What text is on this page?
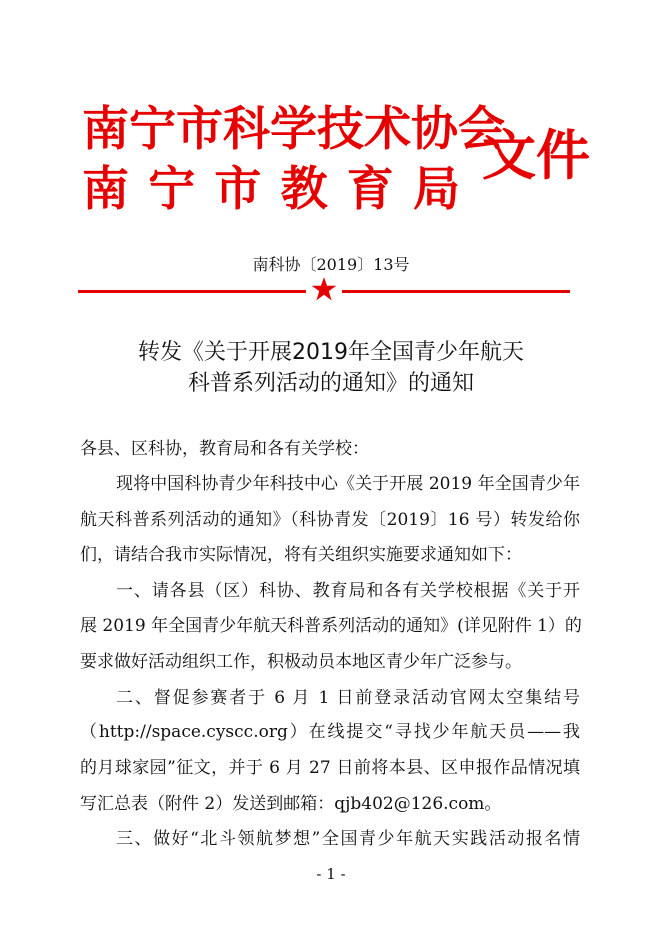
南宁市科学技术协会
南宁市教育局
文件
南科协〔2019〕13号
转发《关于开展2019年全国青少年航天
科普系列活动的通知》的通知
各县、区科协，教育局和各有关学校：
现将中国科协青少年科技中心《关于开展 2019 年全国青少年
航天科普系列活动的通知》（科协青发〔2019〕16 号）转发给你
们，请结合我市实际情况，将有关组织实施要求通知如下：
一、请各县（区）科协、教育局和各有关学校根据《关于开
展 2019 年全国青少年航天科普系列活动的通知》(详见附件 1）的
要求做好活动组织工作，积极动员本地区青少年广泛参与。
二、督促参赛者于 6 月 1 日前登录活动官网太空集结号
（http://space.cyscc.org）在线提交“寻找少年航天员——我
的月球家园”征文，并于 6 月 27 日前将本县、区申报作品情况填
写汇总表（附件 2）发送到邮箱：qjb402@126.com。
三、做好“北斗领航梦想”全国青少年航天实践活动报名情
- 1 -
